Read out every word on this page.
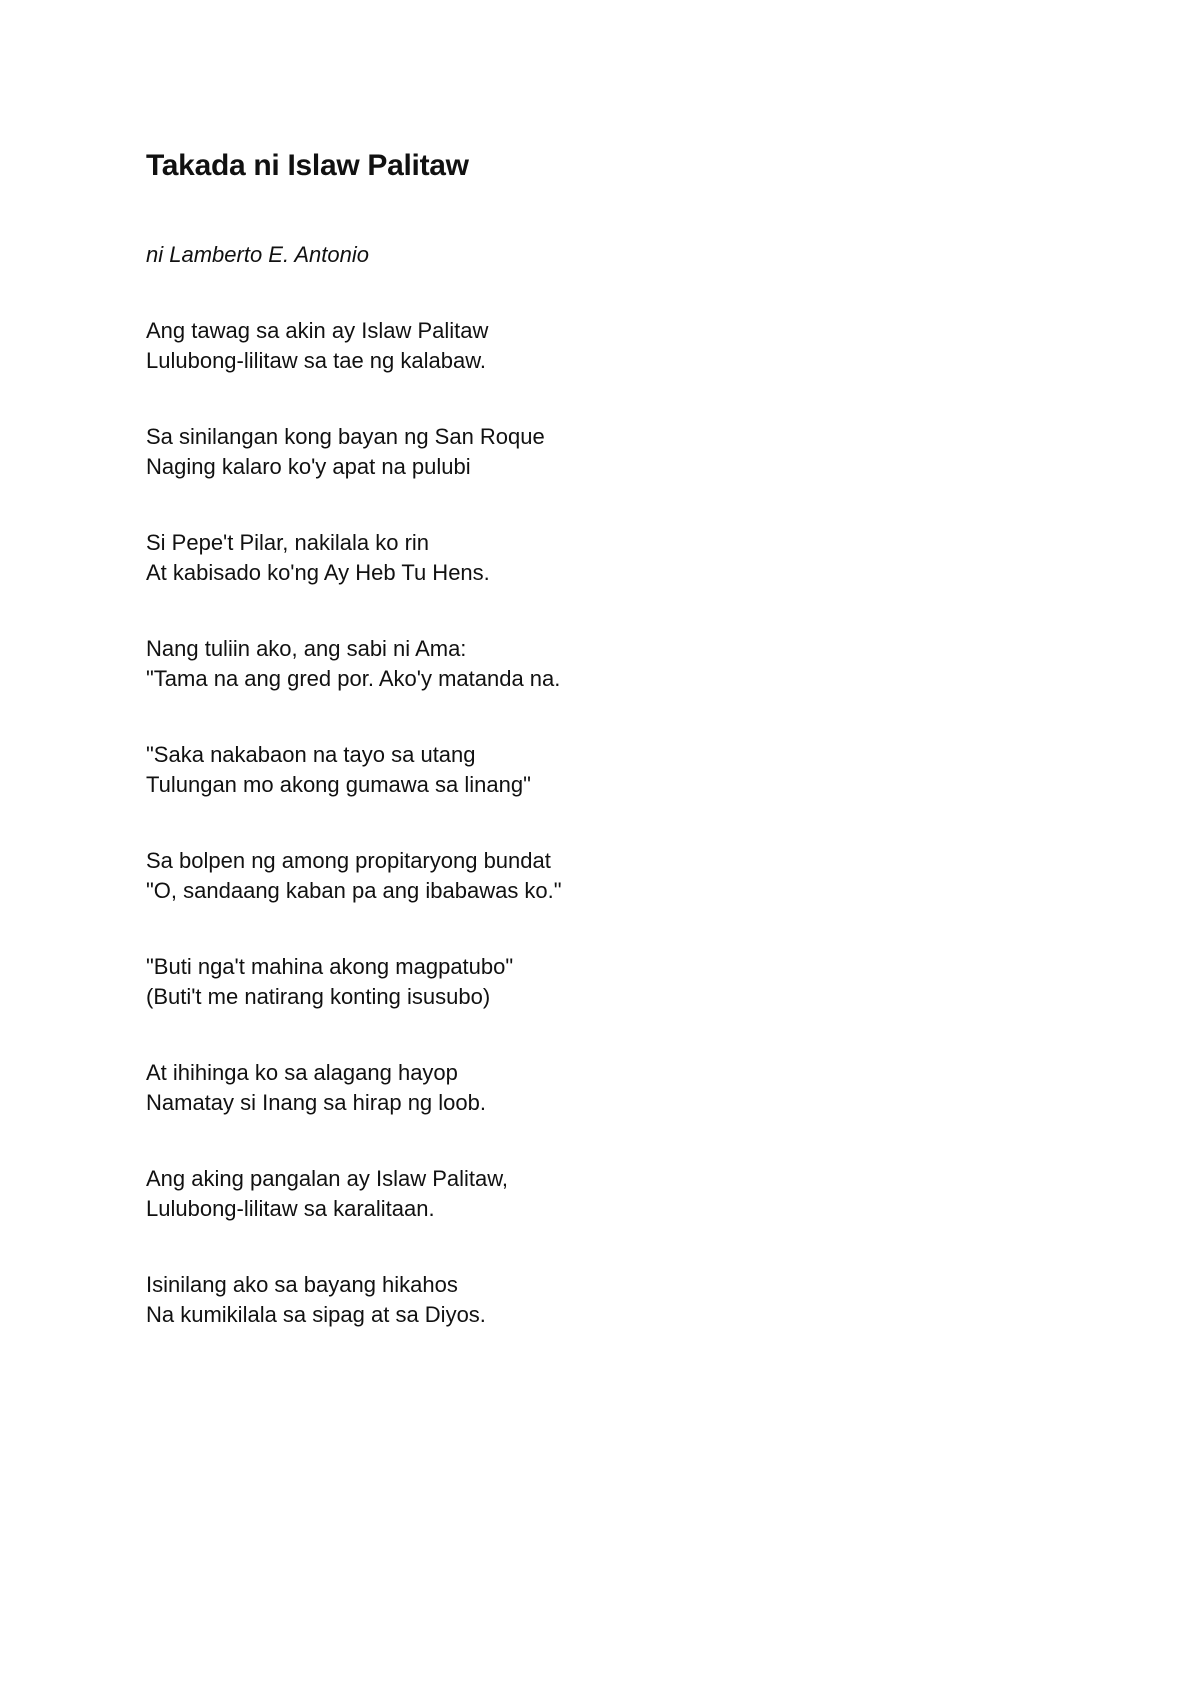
Takada ni Islaw Palitaw

ni Lamberto E. Antonio

Ang tawag sa akin ay Islaw Palitaw
Lulubong-lilitaw sa tae ng kalabaw.
Sa sinilangan kong bayan ng San Roque
Naging kalaro ko'y apat na pulubi
Si Pepe't Pilar, nakilala ko rin
At kabisado ko'ng Ay Heb Tu Hens.
Nang tuliin ako, ang sabi ni Ama:
"Tama na ang gred por. Ako'y matanda na.
"Saka nakabaon na tayo sa utang
Tulungan mo akong gumawa sa linang"
Sa bolpen ng among propitaryong bundat
"O, sandaang kaban pa ang ibabawas ko."
"Buti nga't mahina akong magpatubo"
(Buti't me natirang konting isusubo)
At ihihinga ko sa alagang hayop
Namatay si Inang sa hirap ng loob.
Ang aking pangalan ay Islaw Palitaw,
Lulubong-lilitaw sa karalitaan.
Isinilang ako sa bayang hikahos
Na kumikilala sa sipag at sa Diyos.
